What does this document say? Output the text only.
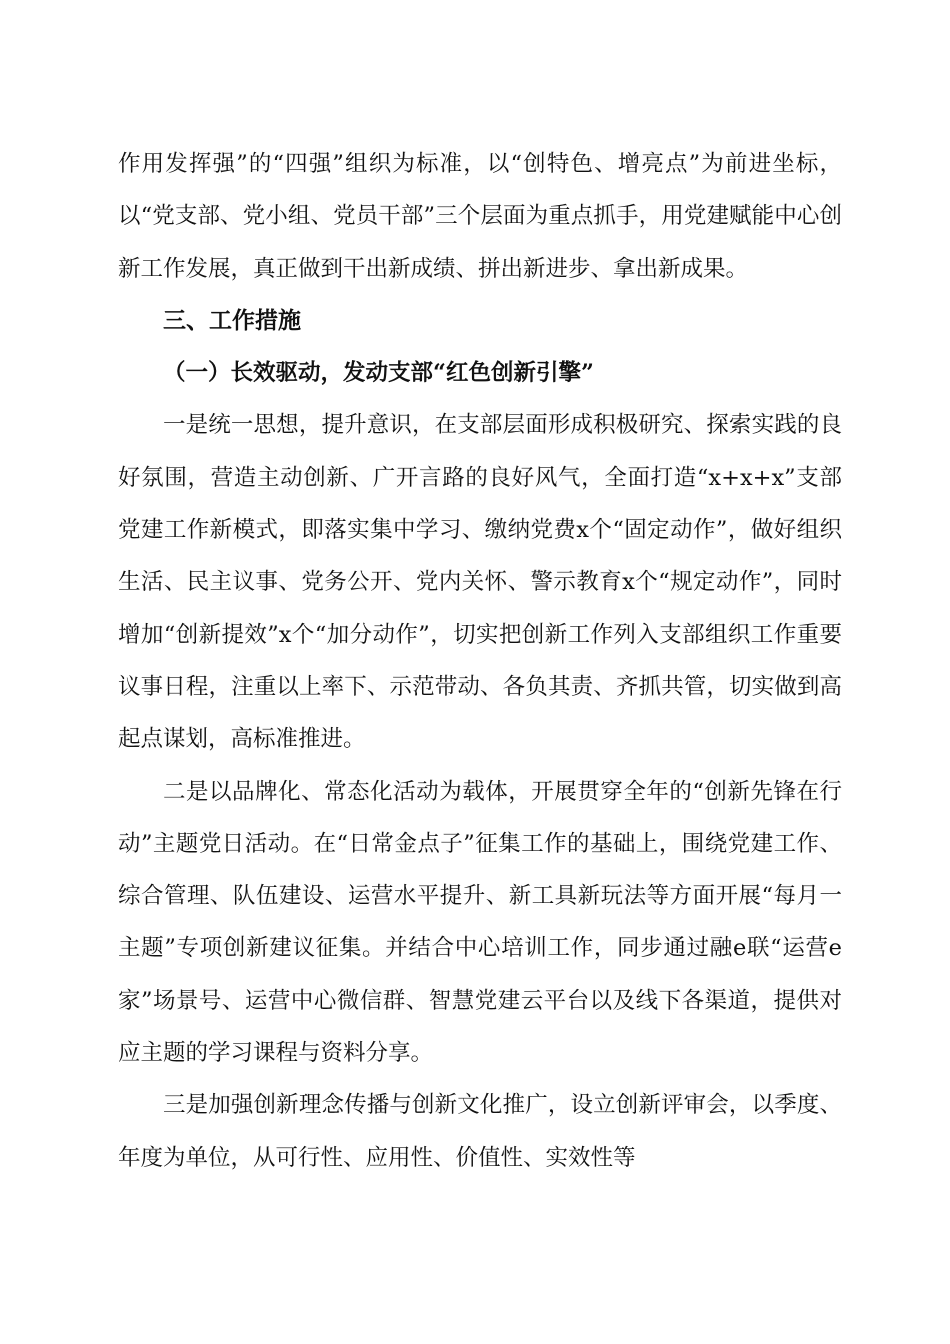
作用发挥强”的“四强”组织为标准，以“创特色、增亮点”为前进坐标，以“党支部、党小组、党员干部”三个层面为重点抓手，用党建赋能中心创新工作发展，真正做到干出新成绩、拼出新进步、拿出新成果。

三、工作措施

（一）长效驱动，发动支部“红色创新引擎”

一是统一思想，提升意识，在支部层面形成积极研究、探索实践的良好氛围，营造主动创新、广开言路的良好风气，全面打造“x+x+x”支部党建工作新模式，即落实集中学习、缴纳党费x个“固定动作”，做好组织生活、民主议事、党务公开、党内关怀、警示教育x个“规定动作”，同时增加“创新提效”x个“加分动作”，切实把创新工作列入支部组织工作重要议事日程，注重以上率下、示范带动、各负其责、齐抓共管，切实做到高起点谋划，高标准推进。

二是以品牌化、常态化活动为载体，开展贯穿全年的“创新先锋在行动”主题党日活动。在“日常金点子”征集工作的基础上，围绕党建工作、综合管理、队伍建设、运营水平提升、新工具新玩法等方面开展“每月一主题”专项创新建议征集。并结合中心培训工作，同步通过融e联“运营e家”场景号、运营中心微信群、智慧党建云平台以及线下各渠道，提供对应主题的学习课程与资料分享。

三是加强创新理念传播与创新文化推广，设立创新评审会，以季度、年度为单位，从可行性、应用性、价值性、实效性等
